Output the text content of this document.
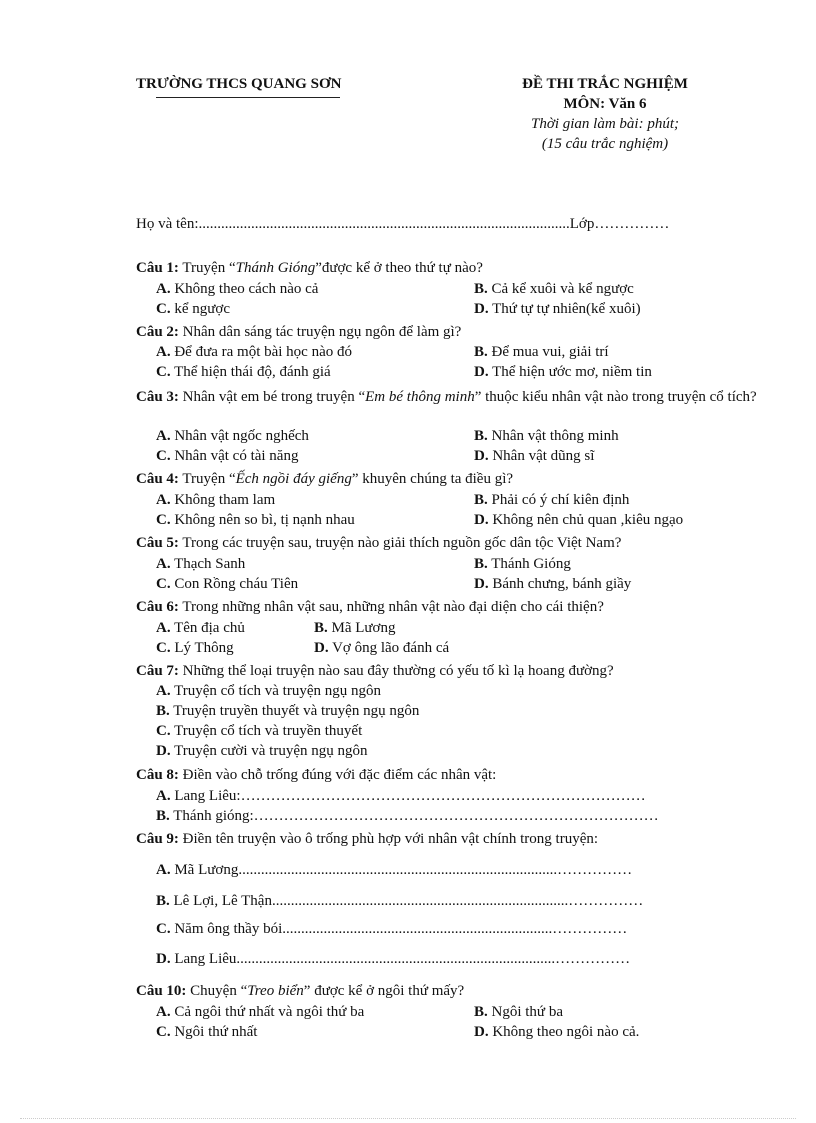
TRƯỜNG THCS QUANG SƠN	ĐỀ THI TRẮC NGHIỆM
MÔN: Văn 6
Thời gian làm bài: phút;
(15 câu trắc nghiệm)
Họ và tên:...................................................................................................Lớp……………
Câu 1: Truyện “Thánh Gióng”được kể ở theo thứ tự nào?
A. Không theo cách nào cả	B. Cả kể xuôi và kể ngược
C. kể ngược	D. Thứ tự tự nhiên(kể xuôi)
Câu 2: Nhân dân sáng tác truyện ngụ ngôn để làm gì?
A. Để đưa ra một bài học nào đó	B. Để mua vui, giải trí
C. Thể hiện thái độ, đánh giá	D. Thể hiện ước mơ, niềm tin
Câu 3: Nhân vật em bé trong truyện “Em bé thông minh” thuộc kiểu nhân vật nào trong truyện cổ tích?
A. Nhân vật ngốc nghếch	B. Nhân vật thông minh
C. Nhân vật có tài năng	D. Nhân vật dũng sĩ
Câu 4: Truyện “Ếch ngồi đáy giếng” khuyên chúng ta điều gì?
A. Không tham lam	B. Phải có ý chí kiên định
C. Không nên so bì, tị nạnh nhau	D. Không nên chủ quan ,kiêu ngạo
Câu 5: Trong các truyện sau, truyện nào giải thích nguồn gốc dân tộc Việt Nam?
A. Thạch Sanh	B. Thánh Gióng
C. Con Rồng cháu Tiên	D. Bánh chưng, bánh giầy
Câu 6: Trong những nhân vật sau, những nhân vật nào đại diện cho cái thiện?
A. Tên địa chủ	B. Mã Lương
C. Lý Thông	D. Vợ ông lão đánh cá
Câu 7: Những thể loại truyện nào sau đây thường có yếu tố kì lạ hoang đường?
A. Truyện cổ tích và truyện ngụ ngôn
B. Truyện truyền thuyết và truyện ngụ ngôn
C. Truyện cổ tích và truyền thuyết
D. Truyện cười và truyện ngụ ngôn
Câu 8: Điền vào chỗ trống đúng với đặc điểm các nhân vật:
A. Lang Liêu:………………………………………………………………………
B. Thánh gióng:………………………………………………………………………
Câu 9: Điền tên truyện vào ô trống phù hợp với nhân vật chính trong truyện:
A. Mã Lương.....................................................................................……………
B. Lê Lợi, Lê Thận...............................................................................……………
C. Năm ông thầy bói........................................................................……………
D. Lang Liêu.....................................................................................……………
Câu 10: Chuyện “Treo biển” được kể ở ngôi thứ mấy?
A. Cả ngôi thứ nhất và ngôi thứ ba	B. Ngôi thứ ba
C. Ngôi thứ nhất	D. Không theo ngôi nào cả.
